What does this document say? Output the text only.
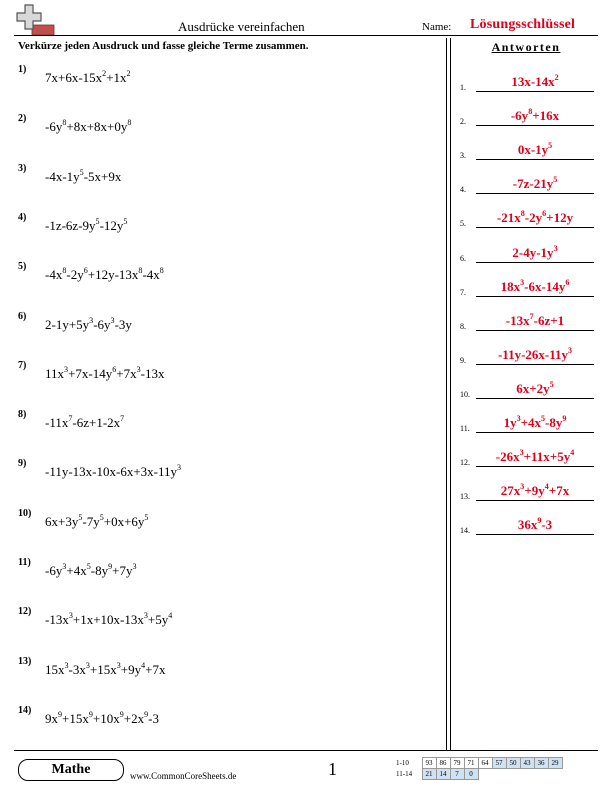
Ausdrücke vereinfachen	Name: Lösungsschlüssel
Verkürze jeden Ausdruck und fasse gleiche Terme zusammen.	Antworten
1)
$7x+6x-15x^2+1x^2$
2)
$-6y^8+8x+8x+0y^8$
3)
$-4x-1y^5-5x+9x$
4)
$-1z-6z-9y^5-12y^5$
5)
$-4x^8-2y^6+12y-13x^8-4x^8$
6)
$2-1y+5y^3-6y^3-3y$
7)
$11x^3+7x-14y^6+7x^3-13x$
8)
$-11x^7-6z+1-2x^7$
9)
$-11y-13x-10x-6x+3x-11y^3$
10)
$6x+3y^5-7y^5+0x+6y^5$
11)
$-6y^3+4x^5-8y^9+7y^3$
12)
$-13x^3+1x+10x-13x^3+5y^4$
13)
$15x^3-3x^3+15x^3+9y^4+7x$
14)
$9x^9+15x^9+10x^9+2x^9-3$
1.	$13x-14x^2$
2.	$-6y^8+16x$
3.	$0x-1y^5$
4.	$-7z-21y^5$
5.	$-21x^8-2y^6+12y$
6.	$2-4y-1y^3$
7.	$18x^3-6x-14y^6$
8.	$-13x^7-6z+1$
9.	$-11y-26x-11y^3$
10.	$6x+2y^5$
11.	$1y^3+4x^5-8y^9$
12.	$-26x^3+11x+5y^4$
13.	$27x^3+9y^4+7x$
14.	$36x^9-3$
Mathe	www.CommonCoreSheets.de	1	1-10	93	86	79	71	64	57	50	43	36	29
11-14	21	14	7	0						
